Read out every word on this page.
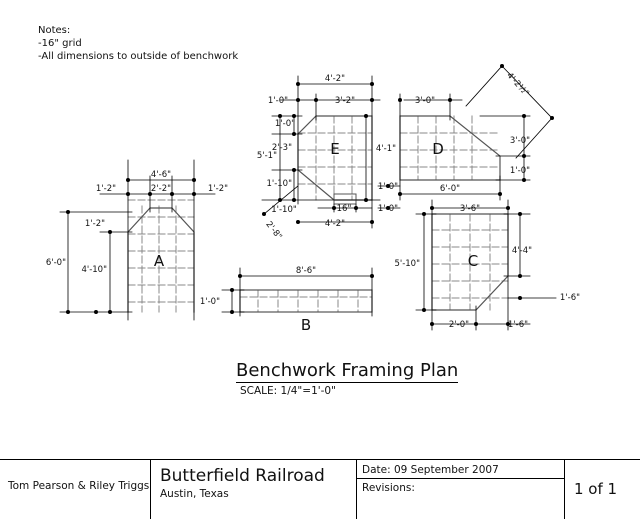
Notes:
-16" grid
-All dimensions to outside of benchwork
A
B
E	D
C
4'-6"
1'-2"	2'-2"	1'-2"
1'-2"
6'-0"
4'-10"	8'-6"
1'-0"
4'-2"
1'-0"	3'-2"
1'-0"
2'-3"
5'-1"
1'-10"
4'-1"
1'-10"	16"
4'-2"
2'-8"
1'-0"
1'-0"
3'-0"
4'-2½"
3'-0"
1'-0"
6'-0"
3'-6"
5'-10"
4'-4"
1'-6"
2'-0"	1'-6"
Benchwork Framing Plan
SCALE: 1/4"=1'-0"
Tom Pearson & Riley Triggs Butterfield Railroad
Austin, Texas
Date: 09 September 2007
Revisions:	1 of 1
